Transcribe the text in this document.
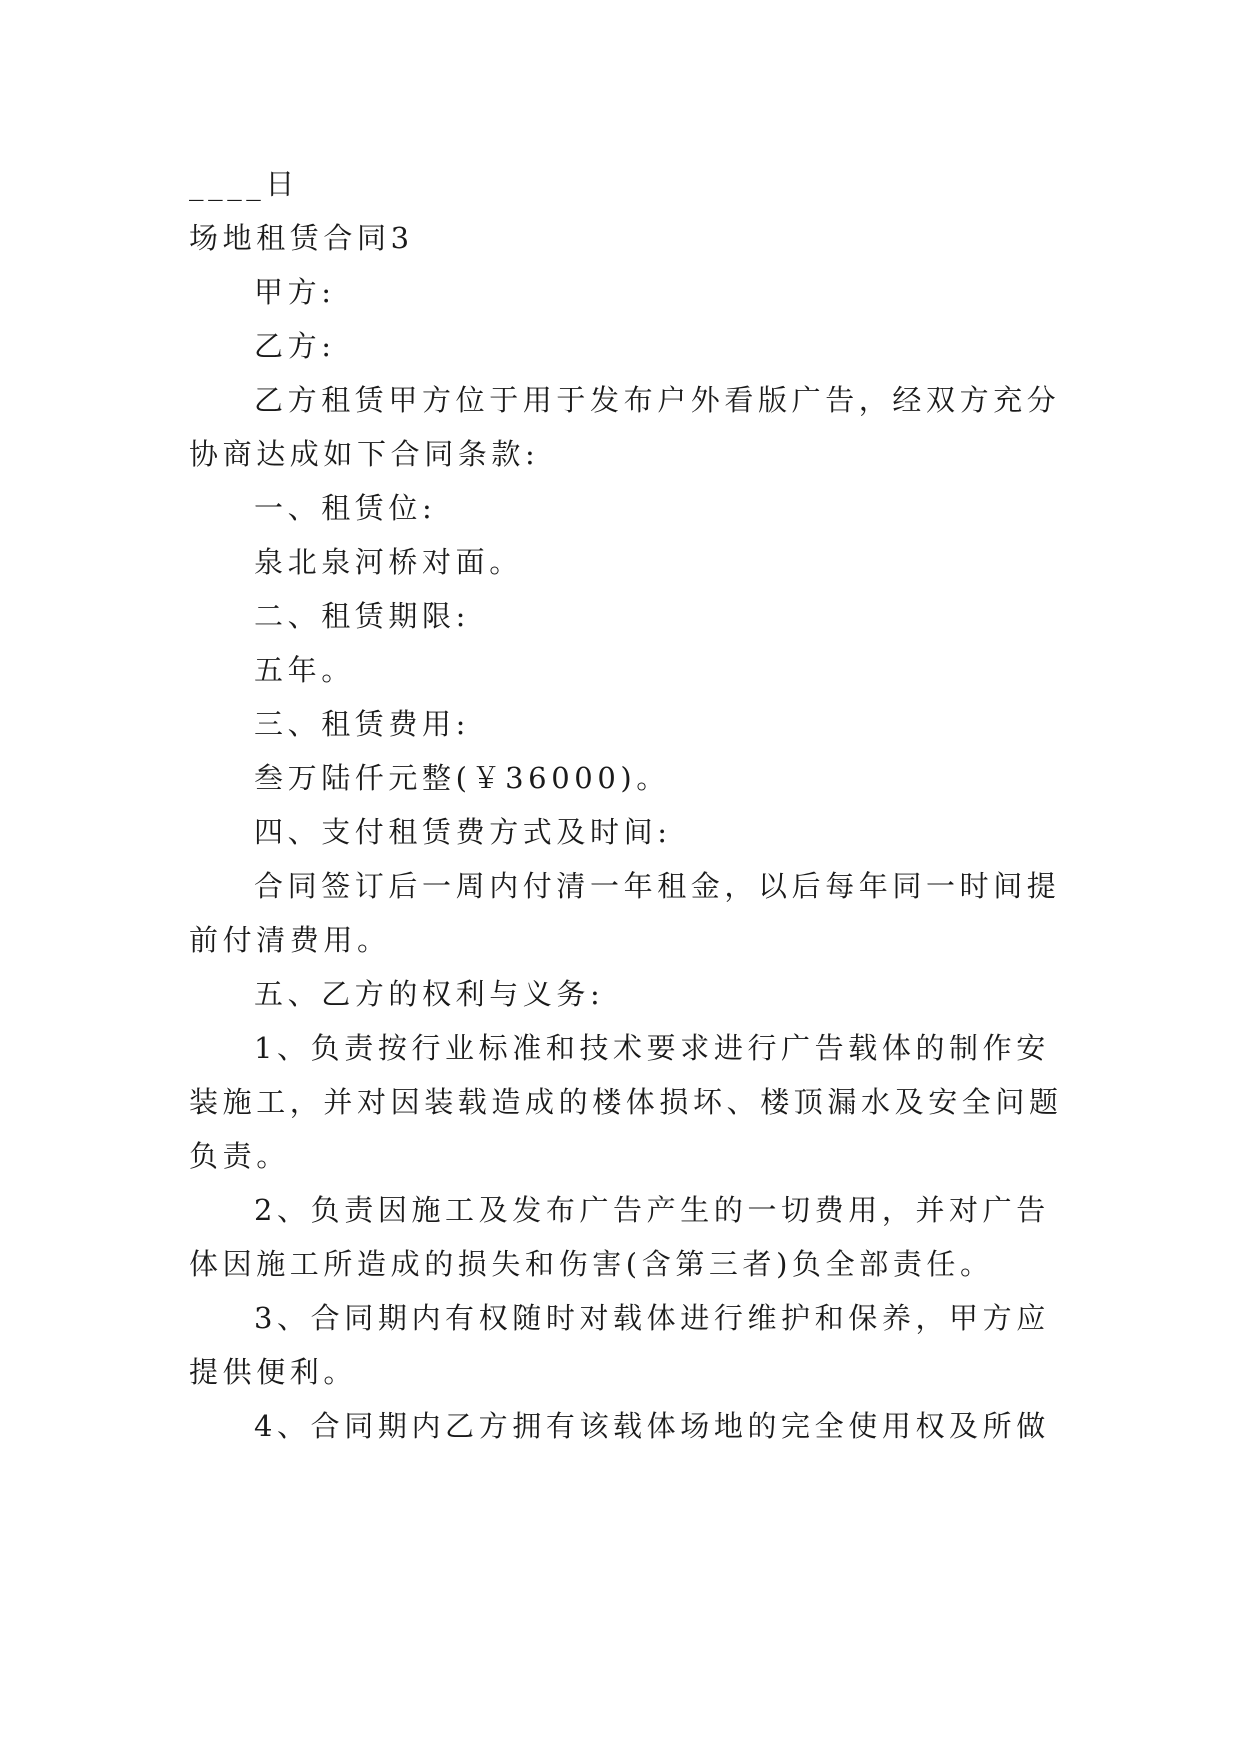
____日
场地租赁合同3
甲方:
乙方:
乙方租赁甲方位于用于发布户外看版广告，经双方充分
协商达成如下合同条款:
一、租赁位:
泉北泉河桥对面。
二、租赁期限:
五年。
三、租赁费用:
叁万陆仟元整(￥36000)。
四、支付租赁费方式及时间:
合同签订后一周内付清一年租金，以后每年同一时间提
前付清费用。
五、乙方的权利与义务:
1、负责按行业标准和技术要求进行广告载体的制作安
装施工，并对因装载造成的楼体损坏、楼顶漏水及安全问题
负责。
2、负责因施工及发布广告产生的一切费用，并对广告
体因施工所造成的损失和伤害(含第三者)负全部责任。
3、合同期内有权随时对载体进行维护和保养，甲方应
提供便利。
4、合同期内乙方拥有该载体场地的完全使用权及所做
